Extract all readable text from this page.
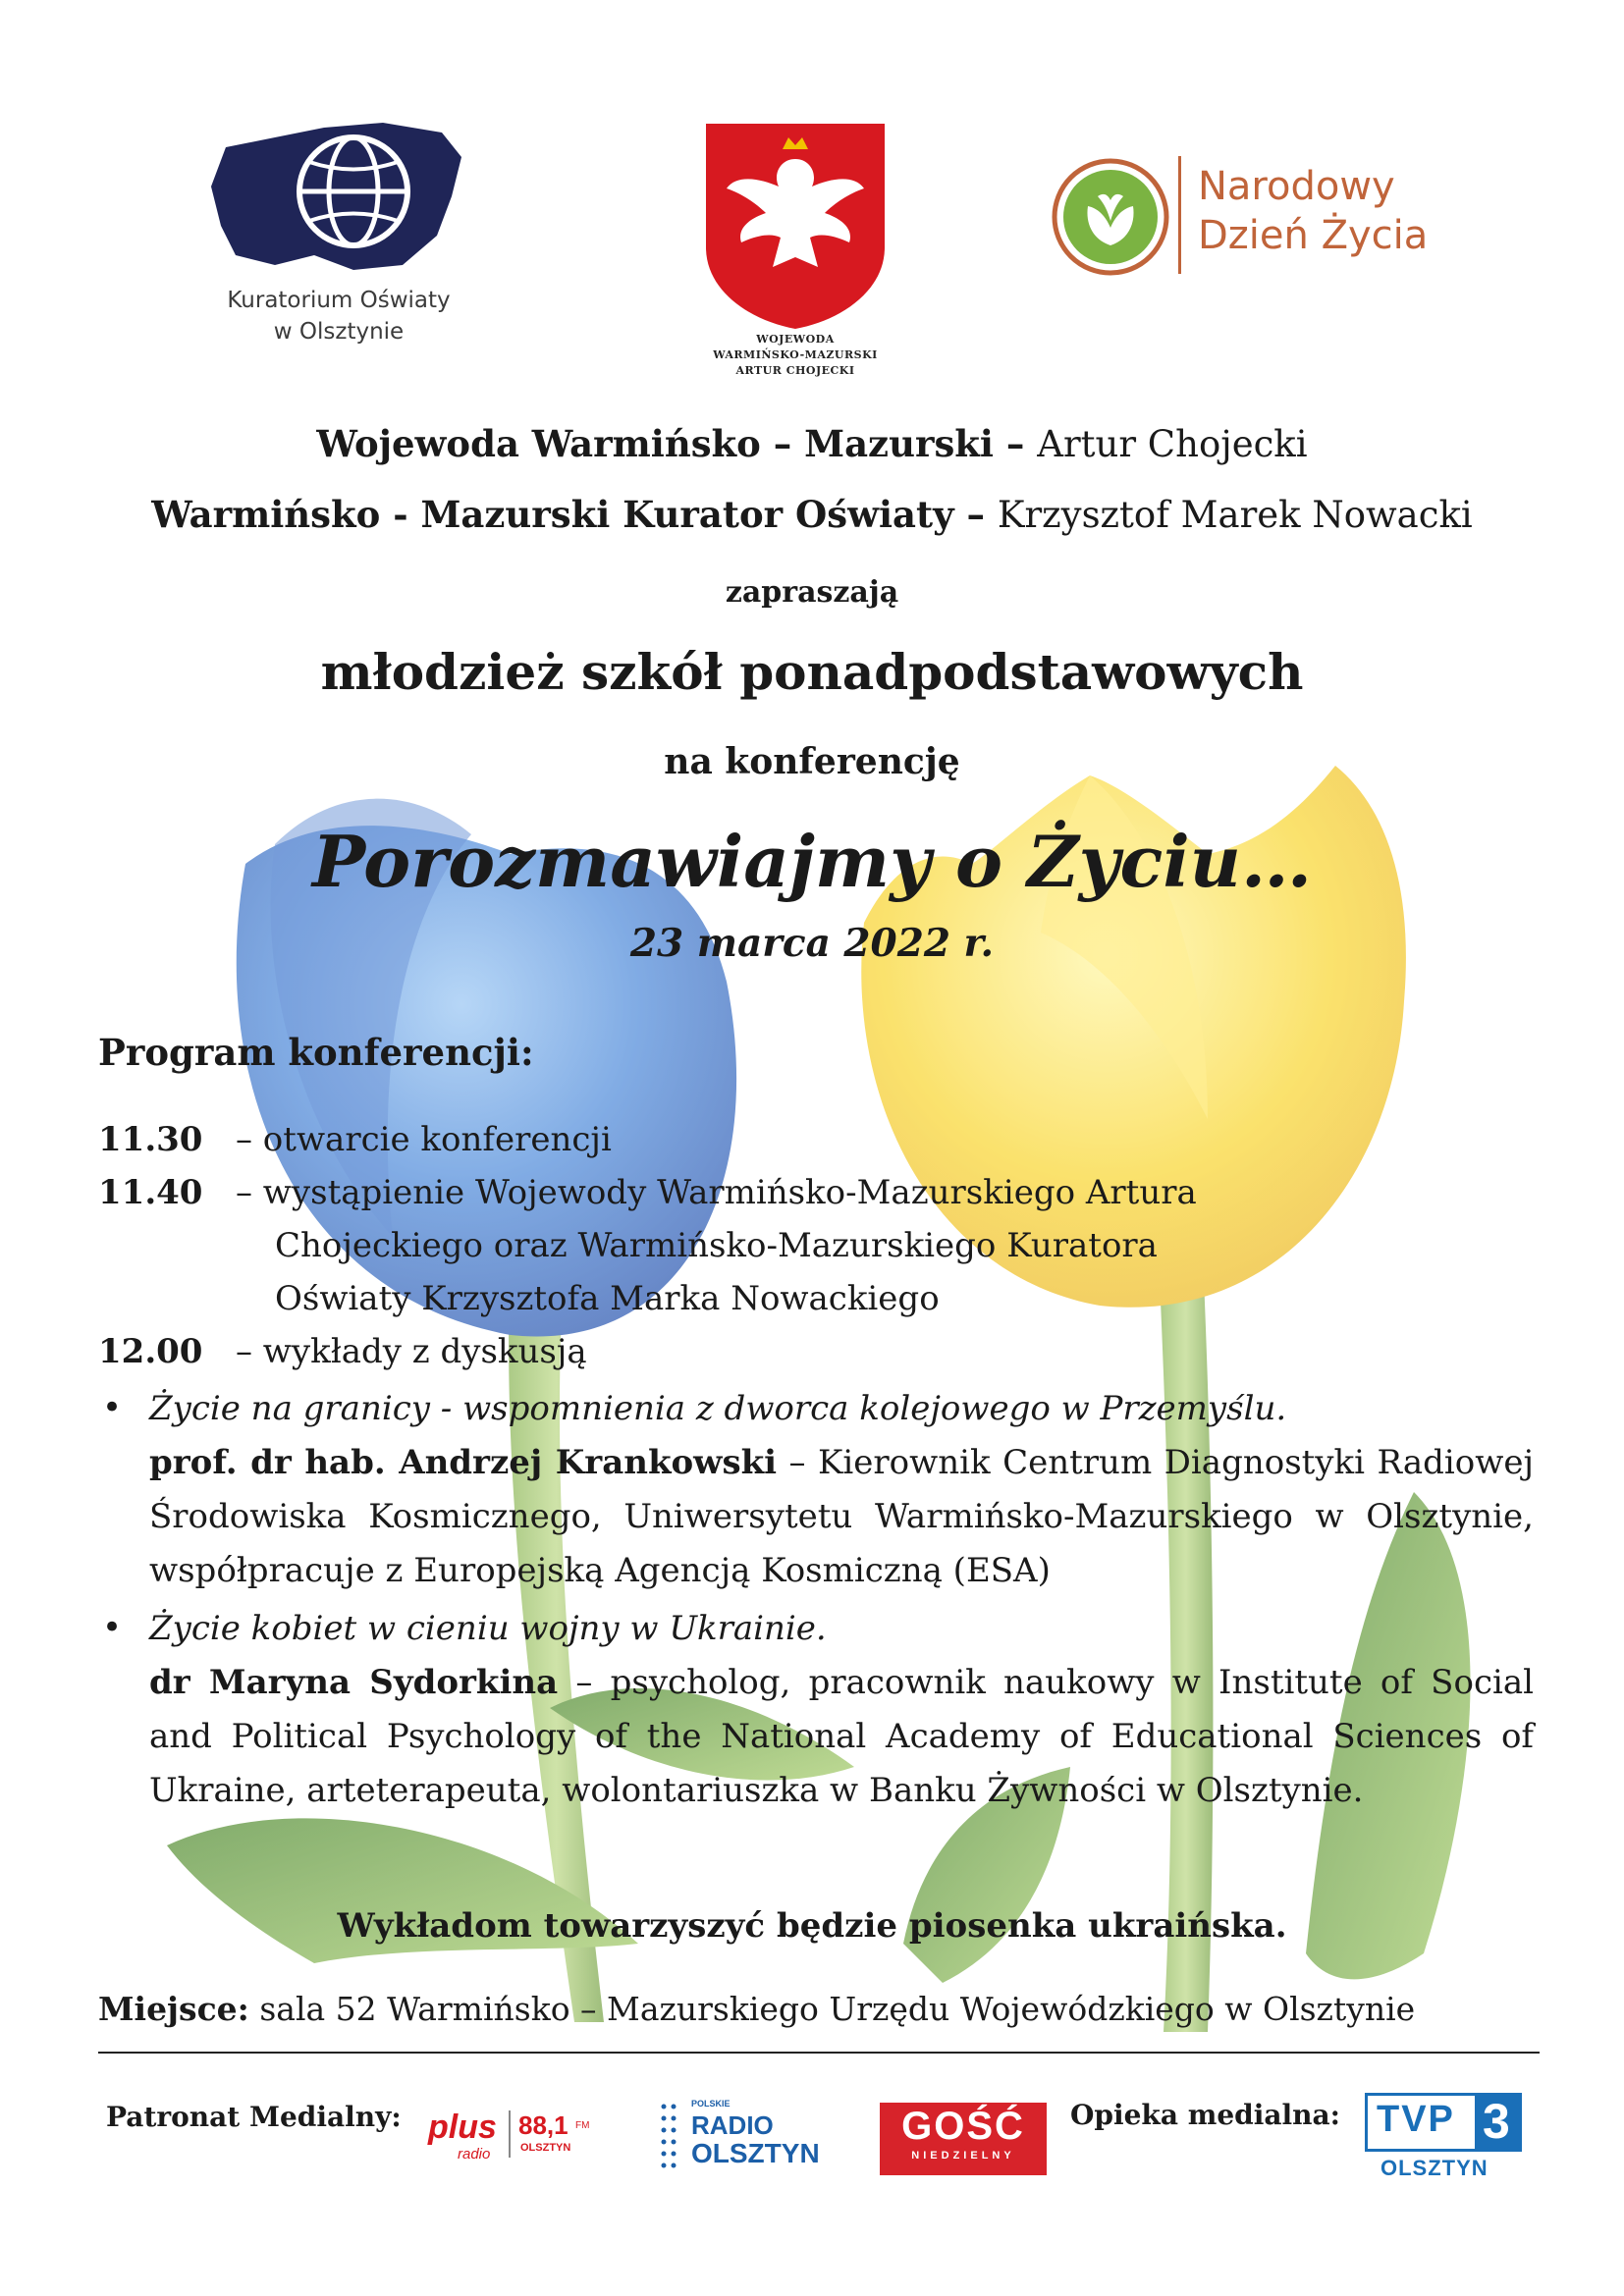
Kuratorium Oświaty
w Olsztynie	WOJEWODA
WARMIŃSKO-MAZURSKI
ARTUR CHOJECKI
Narodowy
Dzień Życia
Wojewoda Warmińsko – Mazurski – Artur Chojecki
Warmińsko - Mazurski Kurator Oświaty – Krzysztof Marek Nowacki
zapraszają
młodzież szkół ponadpodstawowych
na konferencję
Porozmawiajmy o Życiu…
23 marca 2022 r.
Program konferencji:
11.30 – otwarcie konferencji
11.40 – wystąpienie Wojewody Warmińsko-Mazurskiego Artura
Chojeckiego oraz Warmińsko-Mazurskiego Kuratora
Oświaty Krzysztofa Marka Nowackiego
12.00 – wykłady z dyskusją
• Życie na granicy - wspomnienia z dworca kolejowego w Przemyślu.
prof. dr hab. Andrzej Krankowski – Kierownik Centrum Diagnostyki Radiowej Środowiska Kosmicznego, Uniwersytetu Warmińsko-Mazurskiego w Olsztynie, współpracuje z Europejską Agencją Kosmiczną (ESA)
• Życie kobiet w cieniu wojny w Ukrainie.
dr Maryna Sydorkina – psycholog, pracownik naukowy w Institute of Social and Political Psychology of the National Academy of Educational Sciences of Ukraine, arteterapeuta, wolontariuszka w Banku Żywności w Olsztynie.
Wykładom towarzyszyć będzie piosenka ukraińska.
Miejsce: sala 52 Warmińsko – Mazurskiego Urzędu Wojewódzkiego w Olsztynie
Patronat Medialny: plus
radio
88,1 FM
OLSZTYN
POLSKIE
RADIO
OLSZTYN
GOŚĆ
NIEDZIELNY
Opieka medialna: TVP 3
OLSZTYN
